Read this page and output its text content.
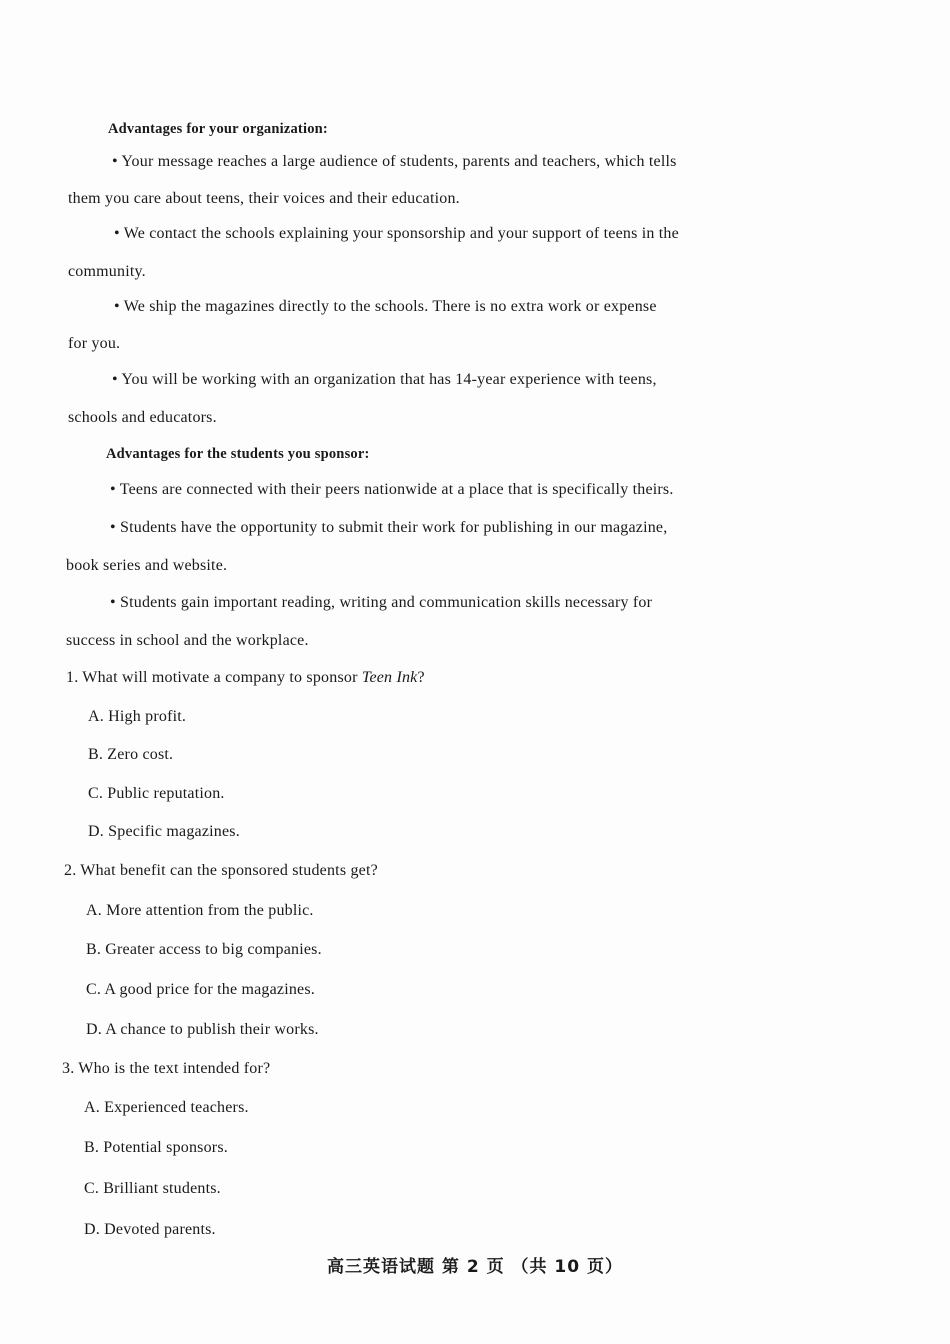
Advantages for your organization:
• Your message reaches a large audience of students, parents and teachers, which tells
them you care about teens, their voices and their education.
• We contact the schools explaining your sponsorship and your support of teens in the
community.
• We ship the magazines directly to the schools. There is no extra work or expense
for you.
• You will be working with an organization that has 14-year experience with teens,
schools and educators.
Advantages for the students you sponsor:
• Teens are connected with their peers nationwide at a place that is specifically theirs.
• Students have the opportunity to submit their work for publishing in our magazine,
book series and website.
• Students gain important reading, writing and communication skills necessary for
success in school and the workplace.
1. What will motivate a company to sponsor Teen Ink?
A. High profit.
B. Zero cost.
C. Public reputation.
D. Specific magazines.
2. What benefit can the sponsored students get?
A. More attention from the public.
B. Greater access to big companies.
C. A good price for the magazines.
D. A chance to publish their works.
3. Who is the text intended for?
A. Experienced teachers.
B. Potential sponsors.
C. Brilliant students.
D. Devoted parents.
高三英语试题 第 2 页 （共 10 页）
